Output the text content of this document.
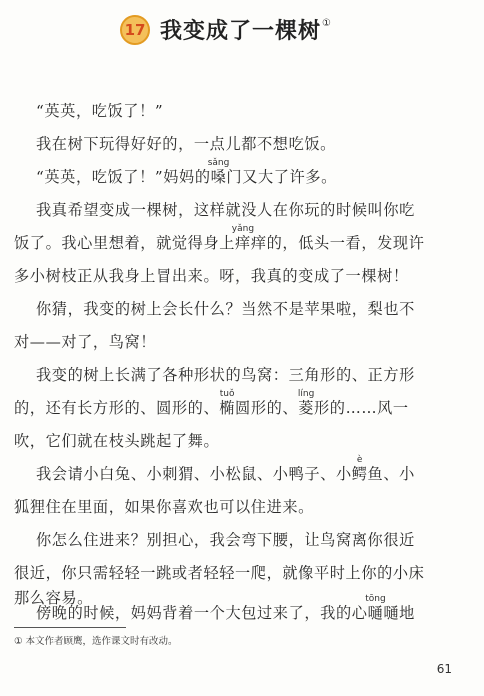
17 我变成了一棵树①
“英英，吃饭了！”
我在树下玩得好好的，一点儿都不想吃饭。
“英英，吃饭了！”妈妈的
sǎng
嗓门又大了许多。
我真希望变成一棵树，这样就没人在你玩的时候叫你吃
饭了。我心里想着，就觉得身上
yǎng
痒痒的，低头一看，发现许
多小树枝正从我身上冒出来。呀，我真的变成了一棵树！
你猜，我变的树上会长什么？当然不是苹果啦，梨也不
对——对了，鸟窝！
我变的树上长满了各种形状的鸟窝：三角形的、正方形
的，还有长方形的、圆形的、
tuǒ
椭圆形的、
líng
菱形的……风一
吹，它们就在枝头跳起了舞。
我会请小白兔、小刺猬、小松鼠、小鸭子、小
è
鳄鱼、小
狐狸住在里面，如果你喜欢也可以住进来。
你怎么住进来？别担心，我会弯下腰，让鸟窝离你很近
很近，你只需轻轻一跳或者轻轻一爬，就像平时上你的小床
那么容易。
傍晚的时候，妈妈背着一个大包过来了，我的心
tōng
嗵嗵地
① 本文作者顾鹰，选作课文时有改动。
61
